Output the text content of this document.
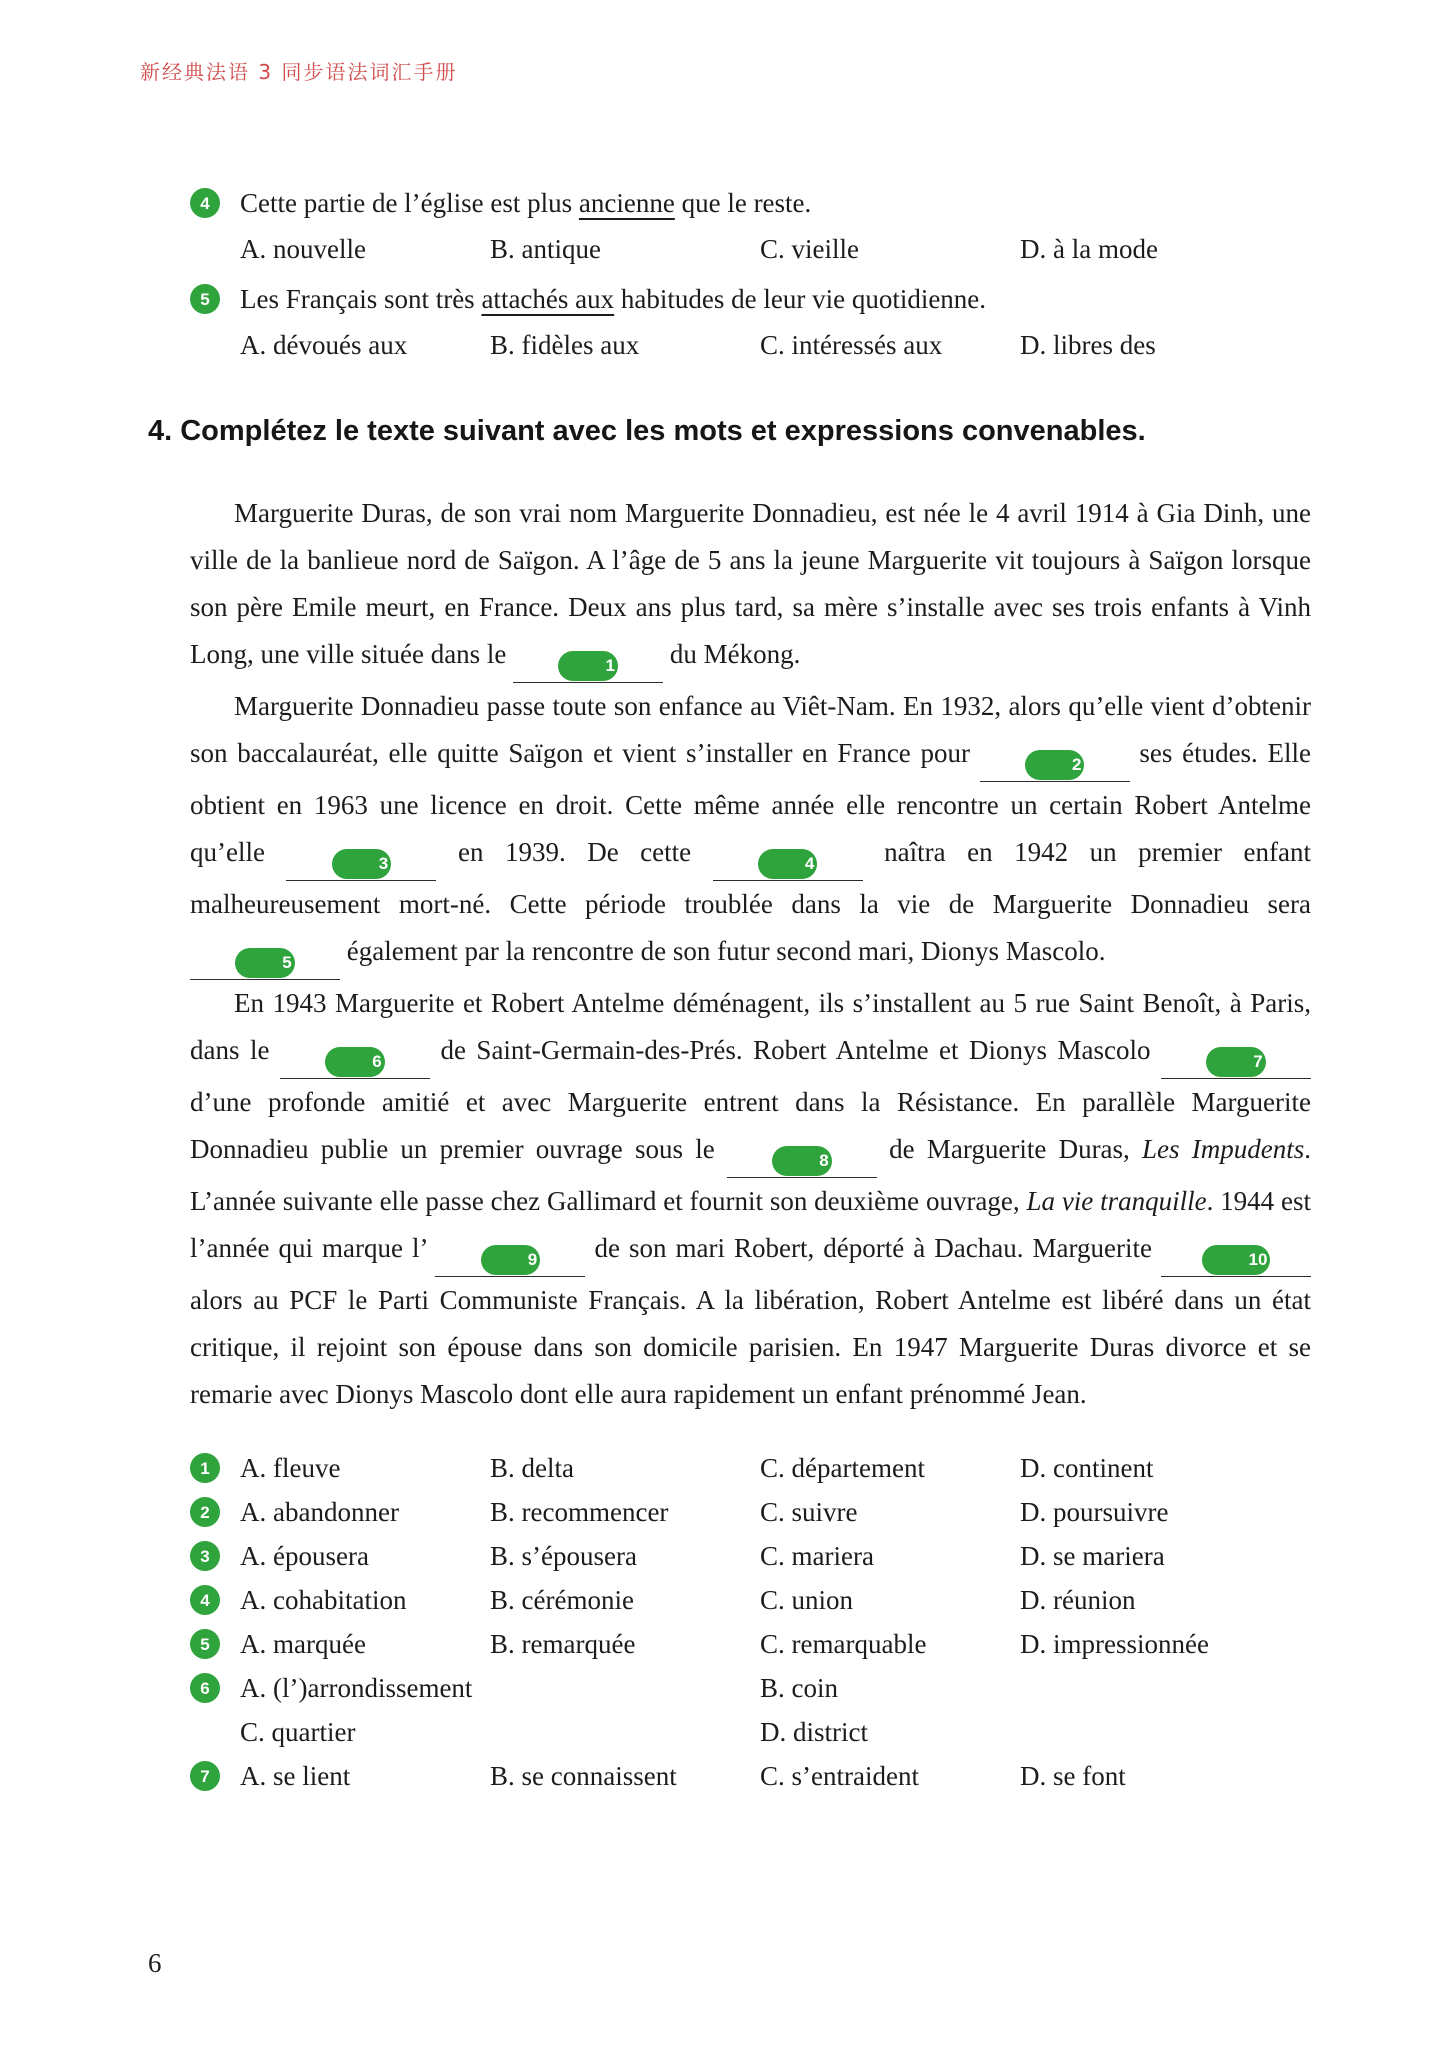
新经典法语 3 同步语法词汇手册
4	Cette partie de l’église est plus ancienne que le reste.
A. nouvelle	B. antique	C. vieille	D. à la mode
5	Les Français sont très attachés aux habitudes de leur vie quotidienne.
A. dévoués aux	B. fidèles aux	C. intéressés aux	D. libres des
4. Complétez le texte suivant avec les mots et expressions convenables.

Marguerite Duras, de son vrai nom Marguerite Donnadieu, est née le 4 avril 1914 à Gia Dinh, une ville de la banlieue nord de Saïgon. A l’âge de 5 ans la jeune Marguerite vit toujours à Saïgon lorsque son père Emile meurt, en France. Deux ans plus tard, sa mère s’installe avec ses trois enfants à Vinh Long, une ville située dans le	1 du Mékong.

Marguerite Donnadieu passe toute son enfance au Viêt-Nam. En 1932, alors qu’elle vient d’obtenir son baccalauréat, elle quitte Saïgon et vient s’installer en France pour	2 ses études. Elle obtient en 1963 une licence en droit. Cette même année elle rencontre un certain Robert Antelme qu’elle	3 en 1939. De cette	4 naîtra en 1942 un premier enfant malheureusement mort-né. Cette période troublée dans la vie de Marguerite Donnadieu sera
5 également par la rencontre de son futur second mari, Dionys Mascolo.

En 1943 Marguerite et Robert Antelme déménagent, ils s’installent au 5 rue Saint Benoît, à Paris, dans le	6 de Saint-Germain-des-Prés. Robert Antelme et Dionys Mascolo	7
d’une profonde amitié et avec Marguerite entrent dans la Résistance. En parallèle Marguerite Donnadieu publie un premier ouvrage sous le	8 de Marguerite Duras, Les Impudents. L’année suivante elle passe chez Gallimard et fournit son deuxième ouvrage, La vie tranquille. 1944 est l’année qui marque l’	9 de son mari Robert, déporté à Dachau. Marguerite	10
alors au PCF le Parti Communiste Français. A la libération, Robert Antelme est libéré dans un état critique, il rejoint son épouse dans son domicile parisien. En 1947 Marguerite Duras divorce et se remarie avec Dionys Mascolo dont elle aura rapidement un enfant prénommé Jean.

1	A. fleuve	B. delta	C. département	D. continent
2	A. abandonner	B. recommencer	C. suivre	D. poursuivre
3	A. épousera	B. s’épousera	C. mariera	D. se mariera
4	A. cohabitation	B. cérémonie	C. union	D. réunion
5	A. marquée	B. remarquée	C. remarquable	D. impressionnée
6	A. (l’)arrondissement	B. coin
C. quartier	D. district
7	A. se lient	B. se connaissent	C. s’entraident	D. se font
6
